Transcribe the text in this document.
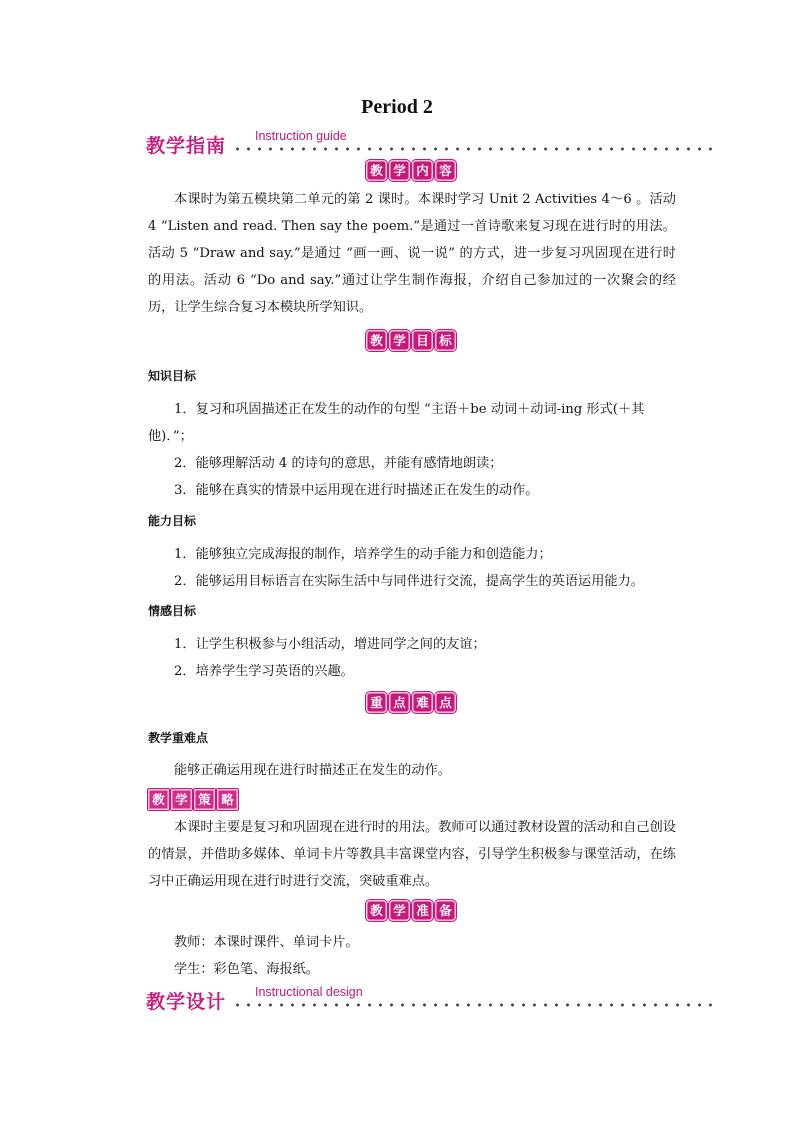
Period 2
教学指南 Instruction guide
教 学 内 容
本课时为第五模块第二单元的第 2 课时。本课时学习 Unit 2 Activities 4～6 。活动 4 “Listen and read. Then say the poem.”是通过一首诗歌来复习现在进行时的用法。活动 5 “Draw and say.”是通过 “画一画、说一说” 的方式，进一步复习巩固现在进行时的用法。活动 6 “Do and say.”通过让学生制作海报，介绍自己参加过的一次聚会的经历，让学生综合复习本模块所学知识。
教 学 目 标
知识目标
1．复习和巩固描述正在发生的动作的句型 “主语＋be 动词＋动词-ing 形式(＋其他)．”；
2．能够理解活动 4 的诗句的意思，并能有感情地朗读；
3．能够在真实的情景中运用现在进行时描述正在发生的动作。
能力目标
1．能够独立完成海报的制作，培养学生的动手能力和创造能力；
2．能够运用目标语言在实际生活中与同伴进行交流，提高学生的英语运用能力。
情感目标
1．让学生积极参与小组活动，增进同学之间的友谊；
2．培养学生学习英语的兴趣。
重 点 难 点
教学重难点
能够正确运用现在进行时描述正在发生的动作。
教 学 策 略
本课时主要是复习和巩固现在进行时的用法。教师可以通过教材设置的活动和自己创设的情景，并借助多媒体、单词卡片等教具丰富课堂内容，引导学生积极参与课堂活动，在练习中正确运用现在进行时进行交流，突破重难点。
教 学 准 备
教师：本课时课件、单词卡片。
学生：彩色笔、海报纸。
教学设计 Instructional design
